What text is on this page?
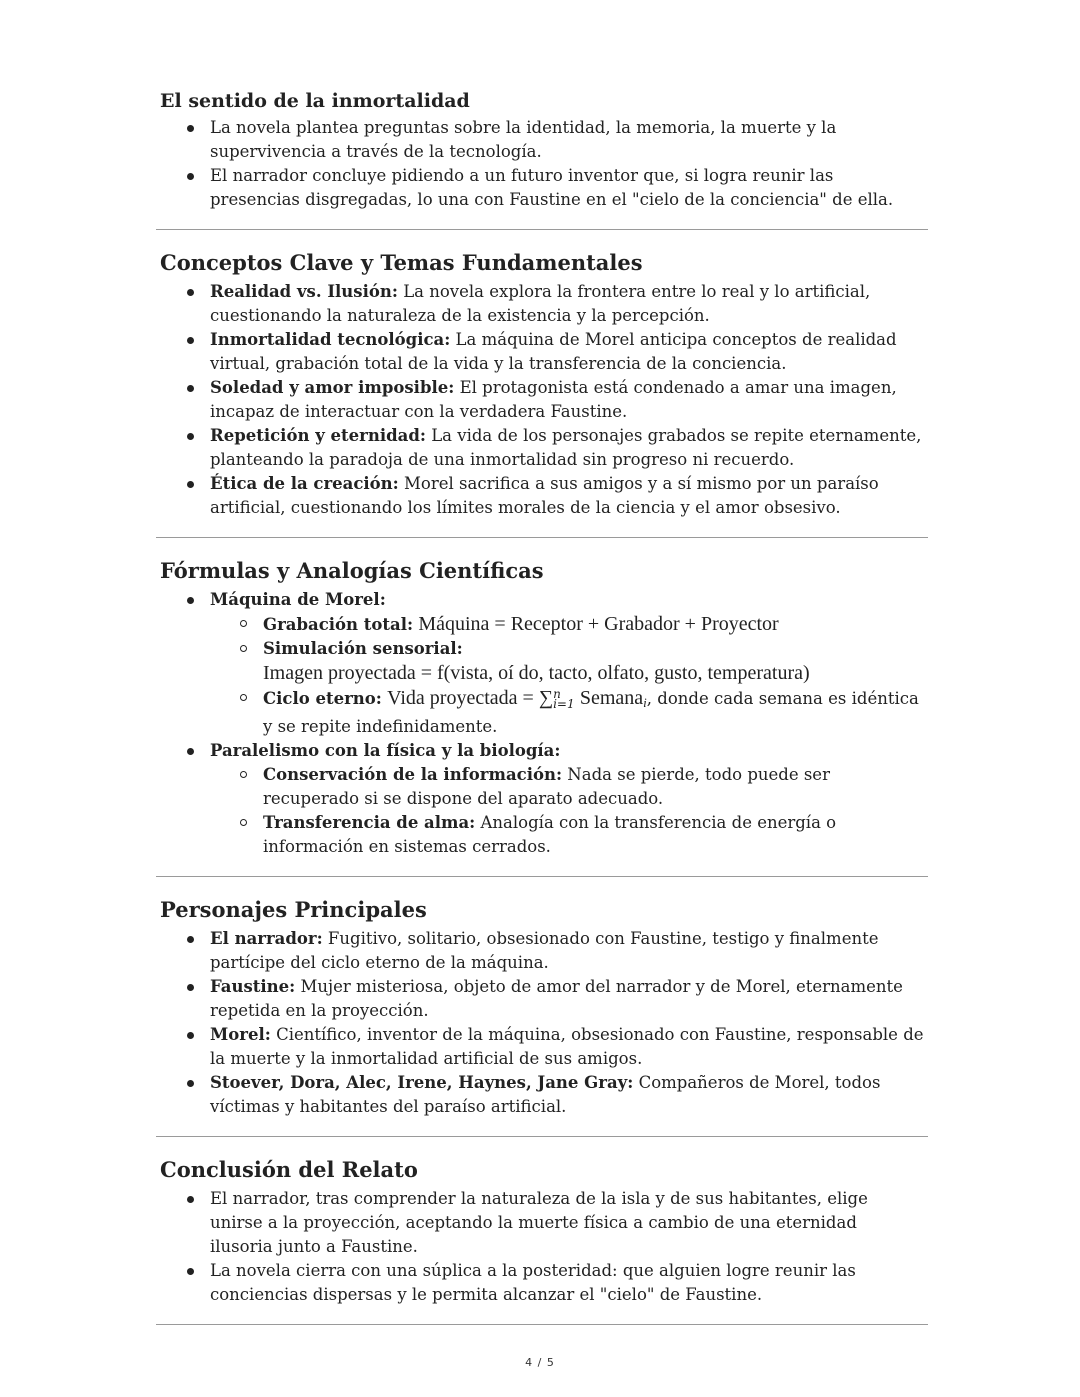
El sentido de la inmortalidad
La novela plantea preguntas sobre la identidad, la memoria, la muerte y la supervivencia a través de la tecnología.
El narrador concluye pidiendo a un futuro inventor que, si logra reunir las presencias disgregadas, lo una con Faustine en el "cielo de la conciencia" de ella.
Conceptos Clave y Temas Fundamentales
Realidad vs. Ilusión: La novela explora la frontera entre lo real y lo artificial, cuestionando la naturaleza de la existencia y la percepción.
Inmortalidad tecnológica: La máquina de Morel anticipa conceptos de realidad virtual, grabación total de la vida y la transferencia de la conciencia.
Soledad y amor imposible: El protagonista está condenado a amar una imagen, incapaz de interactuar con la verdadera Faustine.
Repetición y eternidad: La vida de los personajes grabados se repite eternamente, planteando la paradoja de una inmortalidad sin progreso ni recuerdo.
Ética de la creación: Morel sacrifica a sus amigos y a sí mismo por un paraíso artificial, cuestionando los límites morales de la ciencia y el amor obsesivo.
Fórmulas y Analogías Científicas
Máquina de Morel:
Grabación total: Máquina = Receptor + Grabador + Proyector
Simulación sensorial:
Imagen proyectada = f(vista, oí do, tacto, olfato, gusto, temperatura)
Ciclo eterno: Vida proyectada = ∑n
i=1 Semana$_i$, donde cada semana es idéntica y se repite indefinidamente.
Paralelismo con la física y la biología:
Conservación de la información: Nada se pierde, todo puede ser recuperado si se dispone del aparato adecuado.
Transferencia de alma: Analogía con la transferencia de energía o información en sistemas cerrados.
Personajes Principales
El narrador: Fugitivo, solitario, obsesionado con Faustine, testigo y finalmente partícipe del ciclo eterno de la máquina.
Faustine: Mujer misteriosa, objeto de amor del narrador y de Morel, eternamente repetida en la proyección.
Morel: Científico, inventor de la máquina, obsesionado con Faustine, responsable de la muerte y la inmortalidad artificial de sus amigos.
Stoever, Dora, Alec, Irene, Haynes, Jane Gray: Compañeros de Morel, todos víctimas y habitantes del paraíso artificial.
Conclusión del Relato
El narrador, tras comprender la naturaleza de la isla y de sus habitantes, elige unirse a la proyección, aceptando la muerte física a cambio de una eternidad ilusoria junto a Faustine.
La novela cierra con una súplica a la posteridad: que alguien logre reunir las conciencias dispersas y le permita alcanzar el "cielo" de Faustine.
4 / 5
